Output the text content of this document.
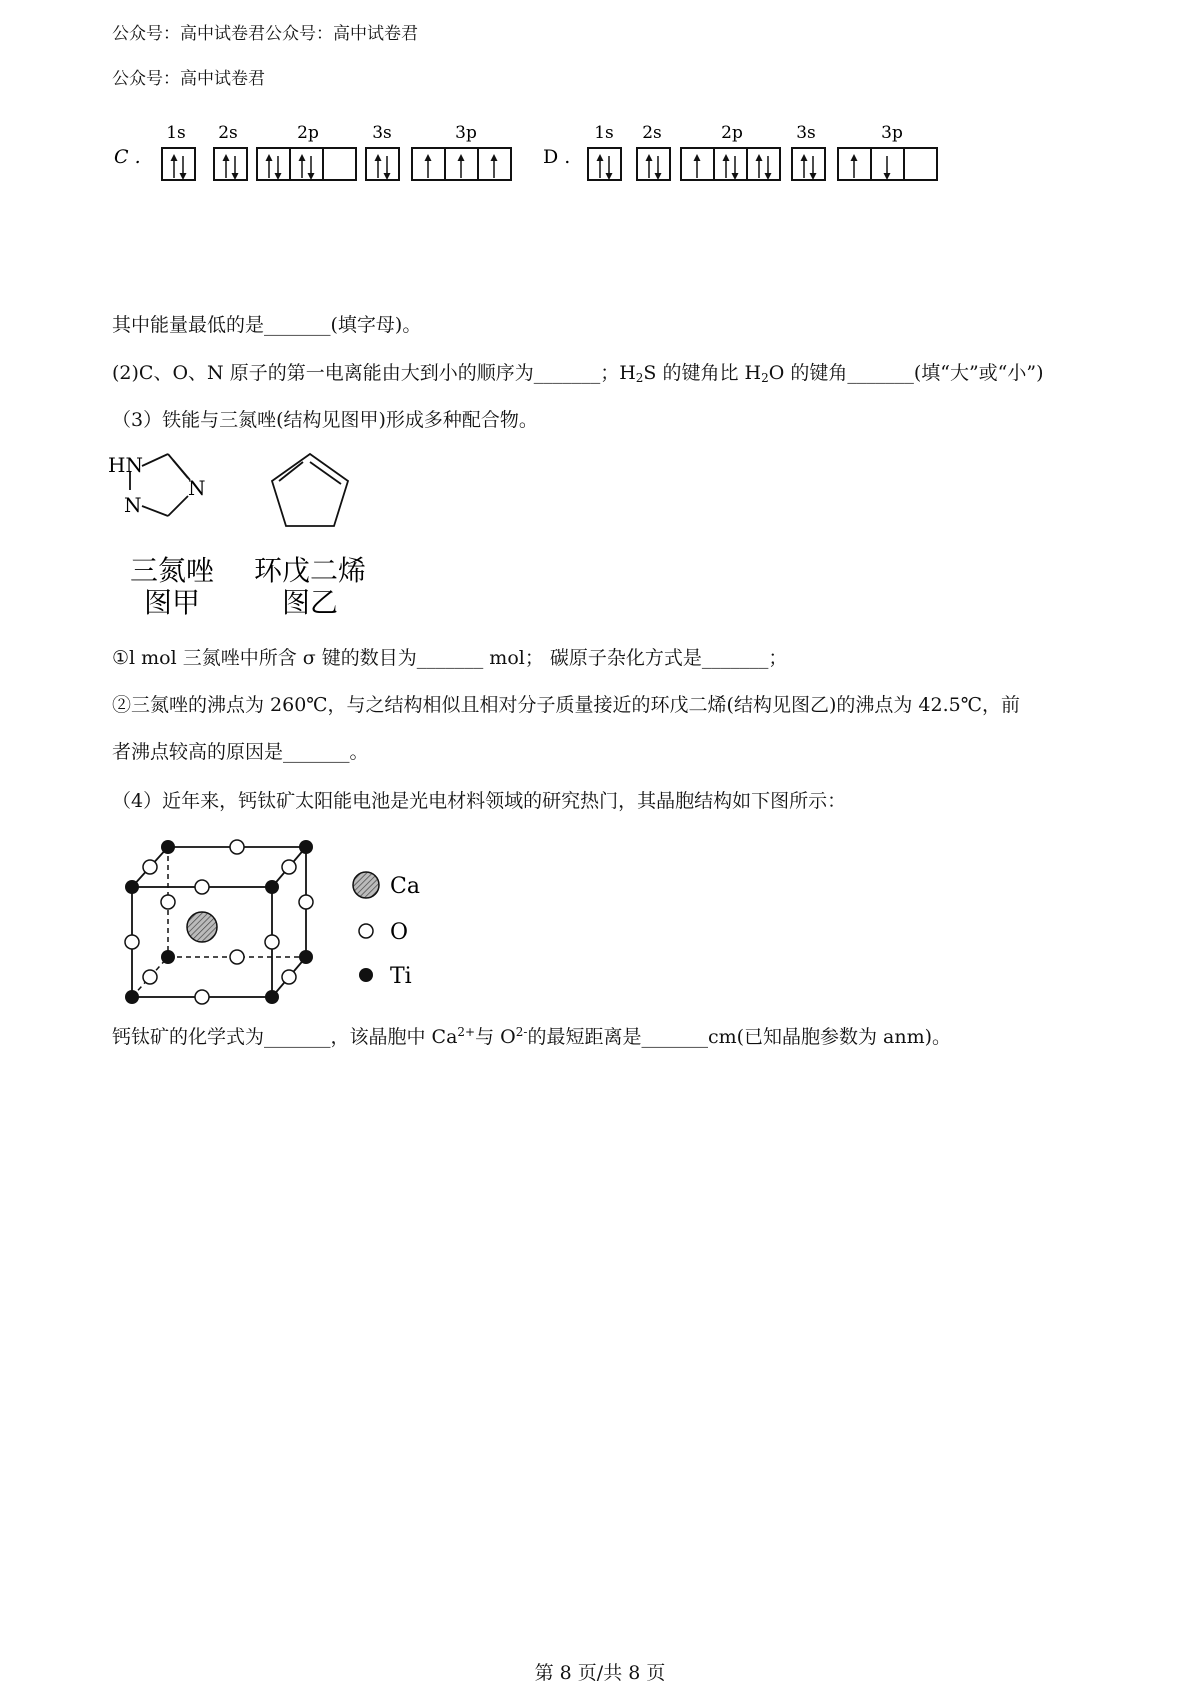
公众号：高中试卷君公众号：高中试卷君
公众号：高中试卷君
C .
1s 2s	2p	3s	3p
D .
1s 2s	2p	3s	3p
其中能量最低的是_______(填字母)。
(2)C、O、N 原子的第一电离能由大到小的顺序为_______；$H_2S$ 的键角比 $H_2O$ 的键角_______(填“大”或“小”)
（3）铁能与三氮唑(结构见图甲)形成多种配合物。
HN
N
N
三氮唑
图甲
环戊二烯
图乙
①l mol 三氮唑中所含 σ 键的数目为_______ mol； 碳原子杂化方式是_______；
②三氮唑的沸点为 260℃，与之结构相似且相对分子质量接近的环戊二烯(结构见图乙)的沸点为 42.5℃，前
者沸点较高的原因是_______。
（4）近年来，钙钛矿太阳能电池是光电材料领域的研究热门，其晶胞结构如下图所示：
Ca
O
Ti
钙钛矿的化学式为_______，该晶胞中 $Ca^{2+}$与 $O^{2-}$的最短距离是_______cm(已知晶胞参数为 anm)。
第 8 页/共 8 页
